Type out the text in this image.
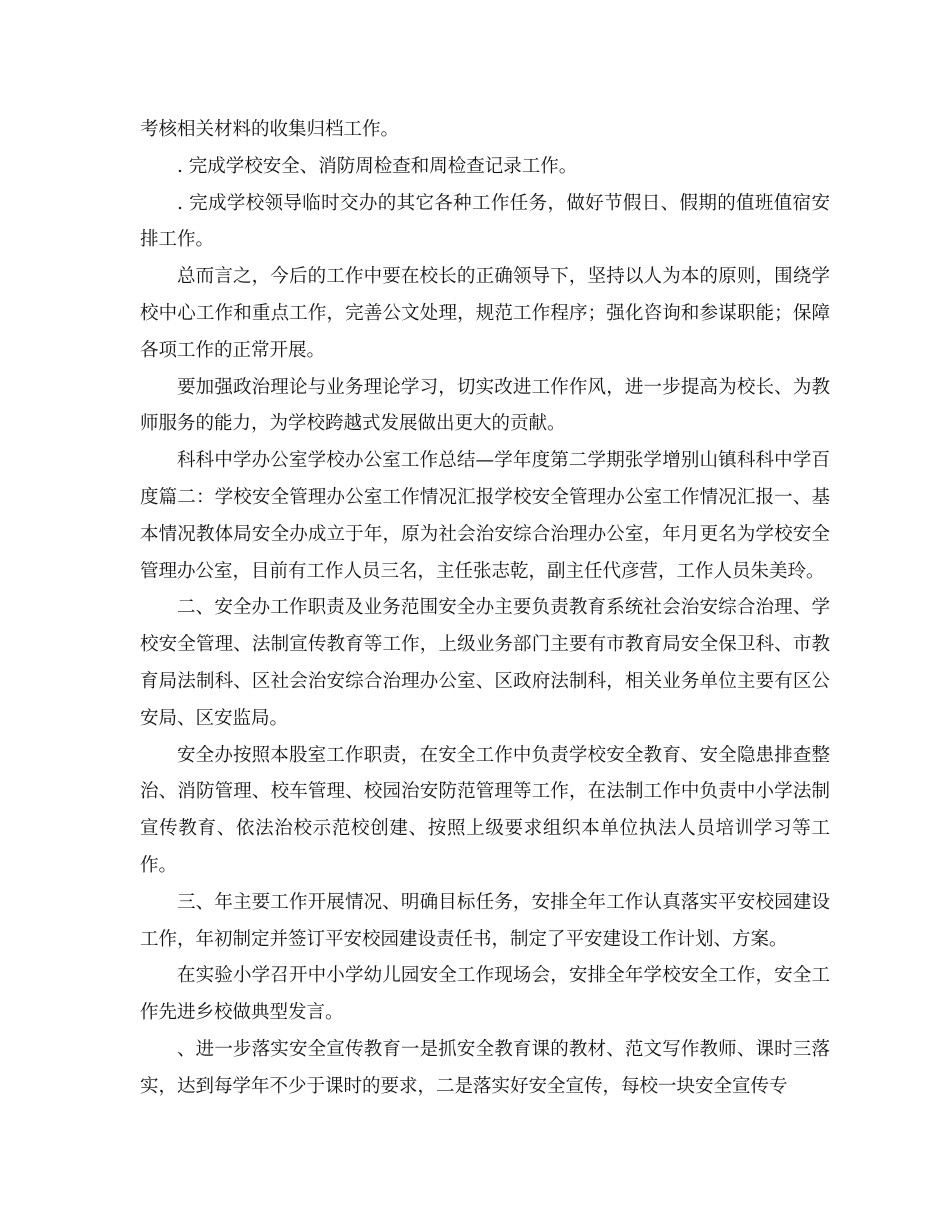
考核相关材料的收集归档工作。

. 完成学校安全、消防周检查和周检查记录工作。

. 完成学校领导临时交办的其它各种工作任务，做好节假日、假期的值班值宿安排工作。

总而言之，今后的工作中要在校长的正确领导下，坚持以人为本的原则，围绕学校中心工作和重点工作，完善公文处理，规范工作程序；强化咨询和参谋职能；保障各项工作的正常开展。

要加强政治理论与业务理论学习，切实改进工作作风，进一步提高为校长、为教师服务的能力，为学校跨越式发展做出更大的贡献。

科科中学办公室学校办公室工作总结—学年度第二学期张学增别山镇科科中学百度篇二：学校安全管理办公室工作情况汇报学校安全管理办公室工作情况汇报一、基本情况教体局安全办成立于年，原为社会治安综合治理办公室，年月更名为学校安全管理办公室，目前有工作人员三名，主任张志乾，副主任代彦营，工作人员朱美玲。

二、安全办工作职责及业务范围安全办主要负责教育系统社会治安综合治理、学校安全管理、法制宣传教育等工作，上级业务部门主要有市教育局安全保卫科、市教育局法制科、区社会治安综合治理办公室、区政府法制科，相关业务单位主要有区公安局、区安监局。

安全办按照本股室工作职责，在安全工作中负责学校安全教育、安全隐患排查整治、消防管理、校车管理、校园治安防范管理等工作，在法制工作中负责中小学法制宣传教育、依法治校示范校创建、按照上级要求组织本单位执法人员培训学习等工作。

三、年主要工作开展情况、明确目标任务，安排全年工作认真落实平安校园建设工作，年初制定并签订平安校园建设责任书，制定了平安建设工作计划、方案。

在实验小学召开中小学幼儿园安全工作现场会，安排全年学校安全工作，安全工作先进乡校做典型发言。

、进一步落实安全宣传教育一是抓安全教育课的教材、范文写作教师、课时三落实，达到每学年不少于课时的要求，二是落实好安全宣传，每校一块安全宣传专
